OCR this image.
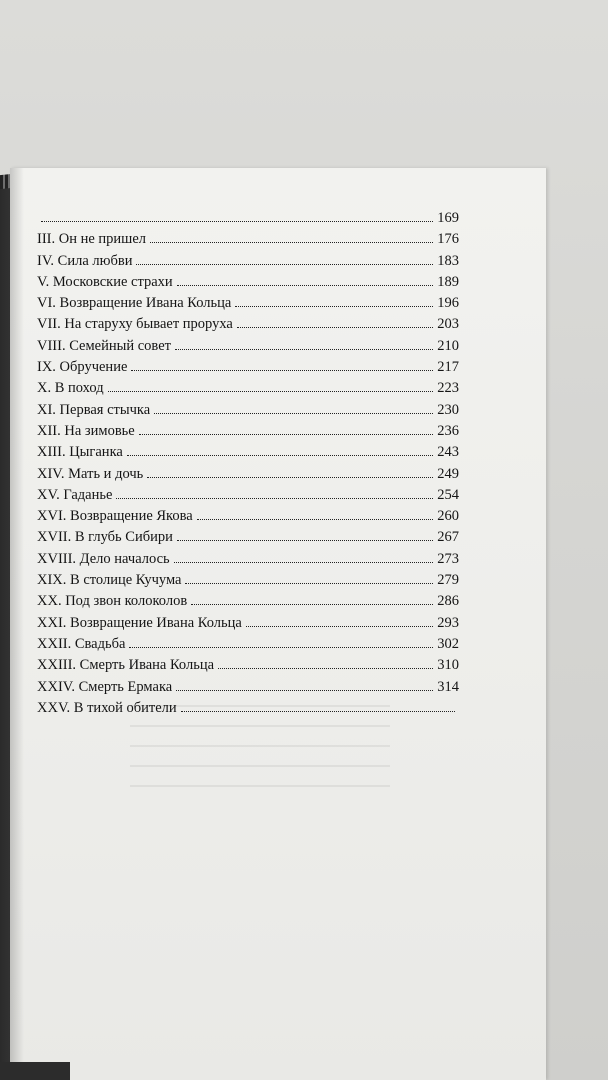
169
III. Он не пришел	176
IV. Сила любви	183
V. Московские страхи	189
VI. Возвращение Ивана Кольца	196
VII. На старуху бывает проруха	203
VIII. Семейный совет	210
IX. Обручение	217
X. В поход	223
XI. Первая стычка	230
XII. На зимовье	236
XIII. Цыганка	243
XIV. Мать и дочь	249
XV. Гаданье	254
XVI. Возвращение Якова	260
XVII. В глубь Сибири	267
XVIII. Дело началось	273
XIX. В столице Кучума	279
XX. Под звон колоколов	286
XXI. Возвращение Ивана Кольца	293
XXII. Свадьба	302
XXIII. Смерть Ивана Кольца	310
XXIV. Смерть Ермака	314
XXV. В тихой обители
